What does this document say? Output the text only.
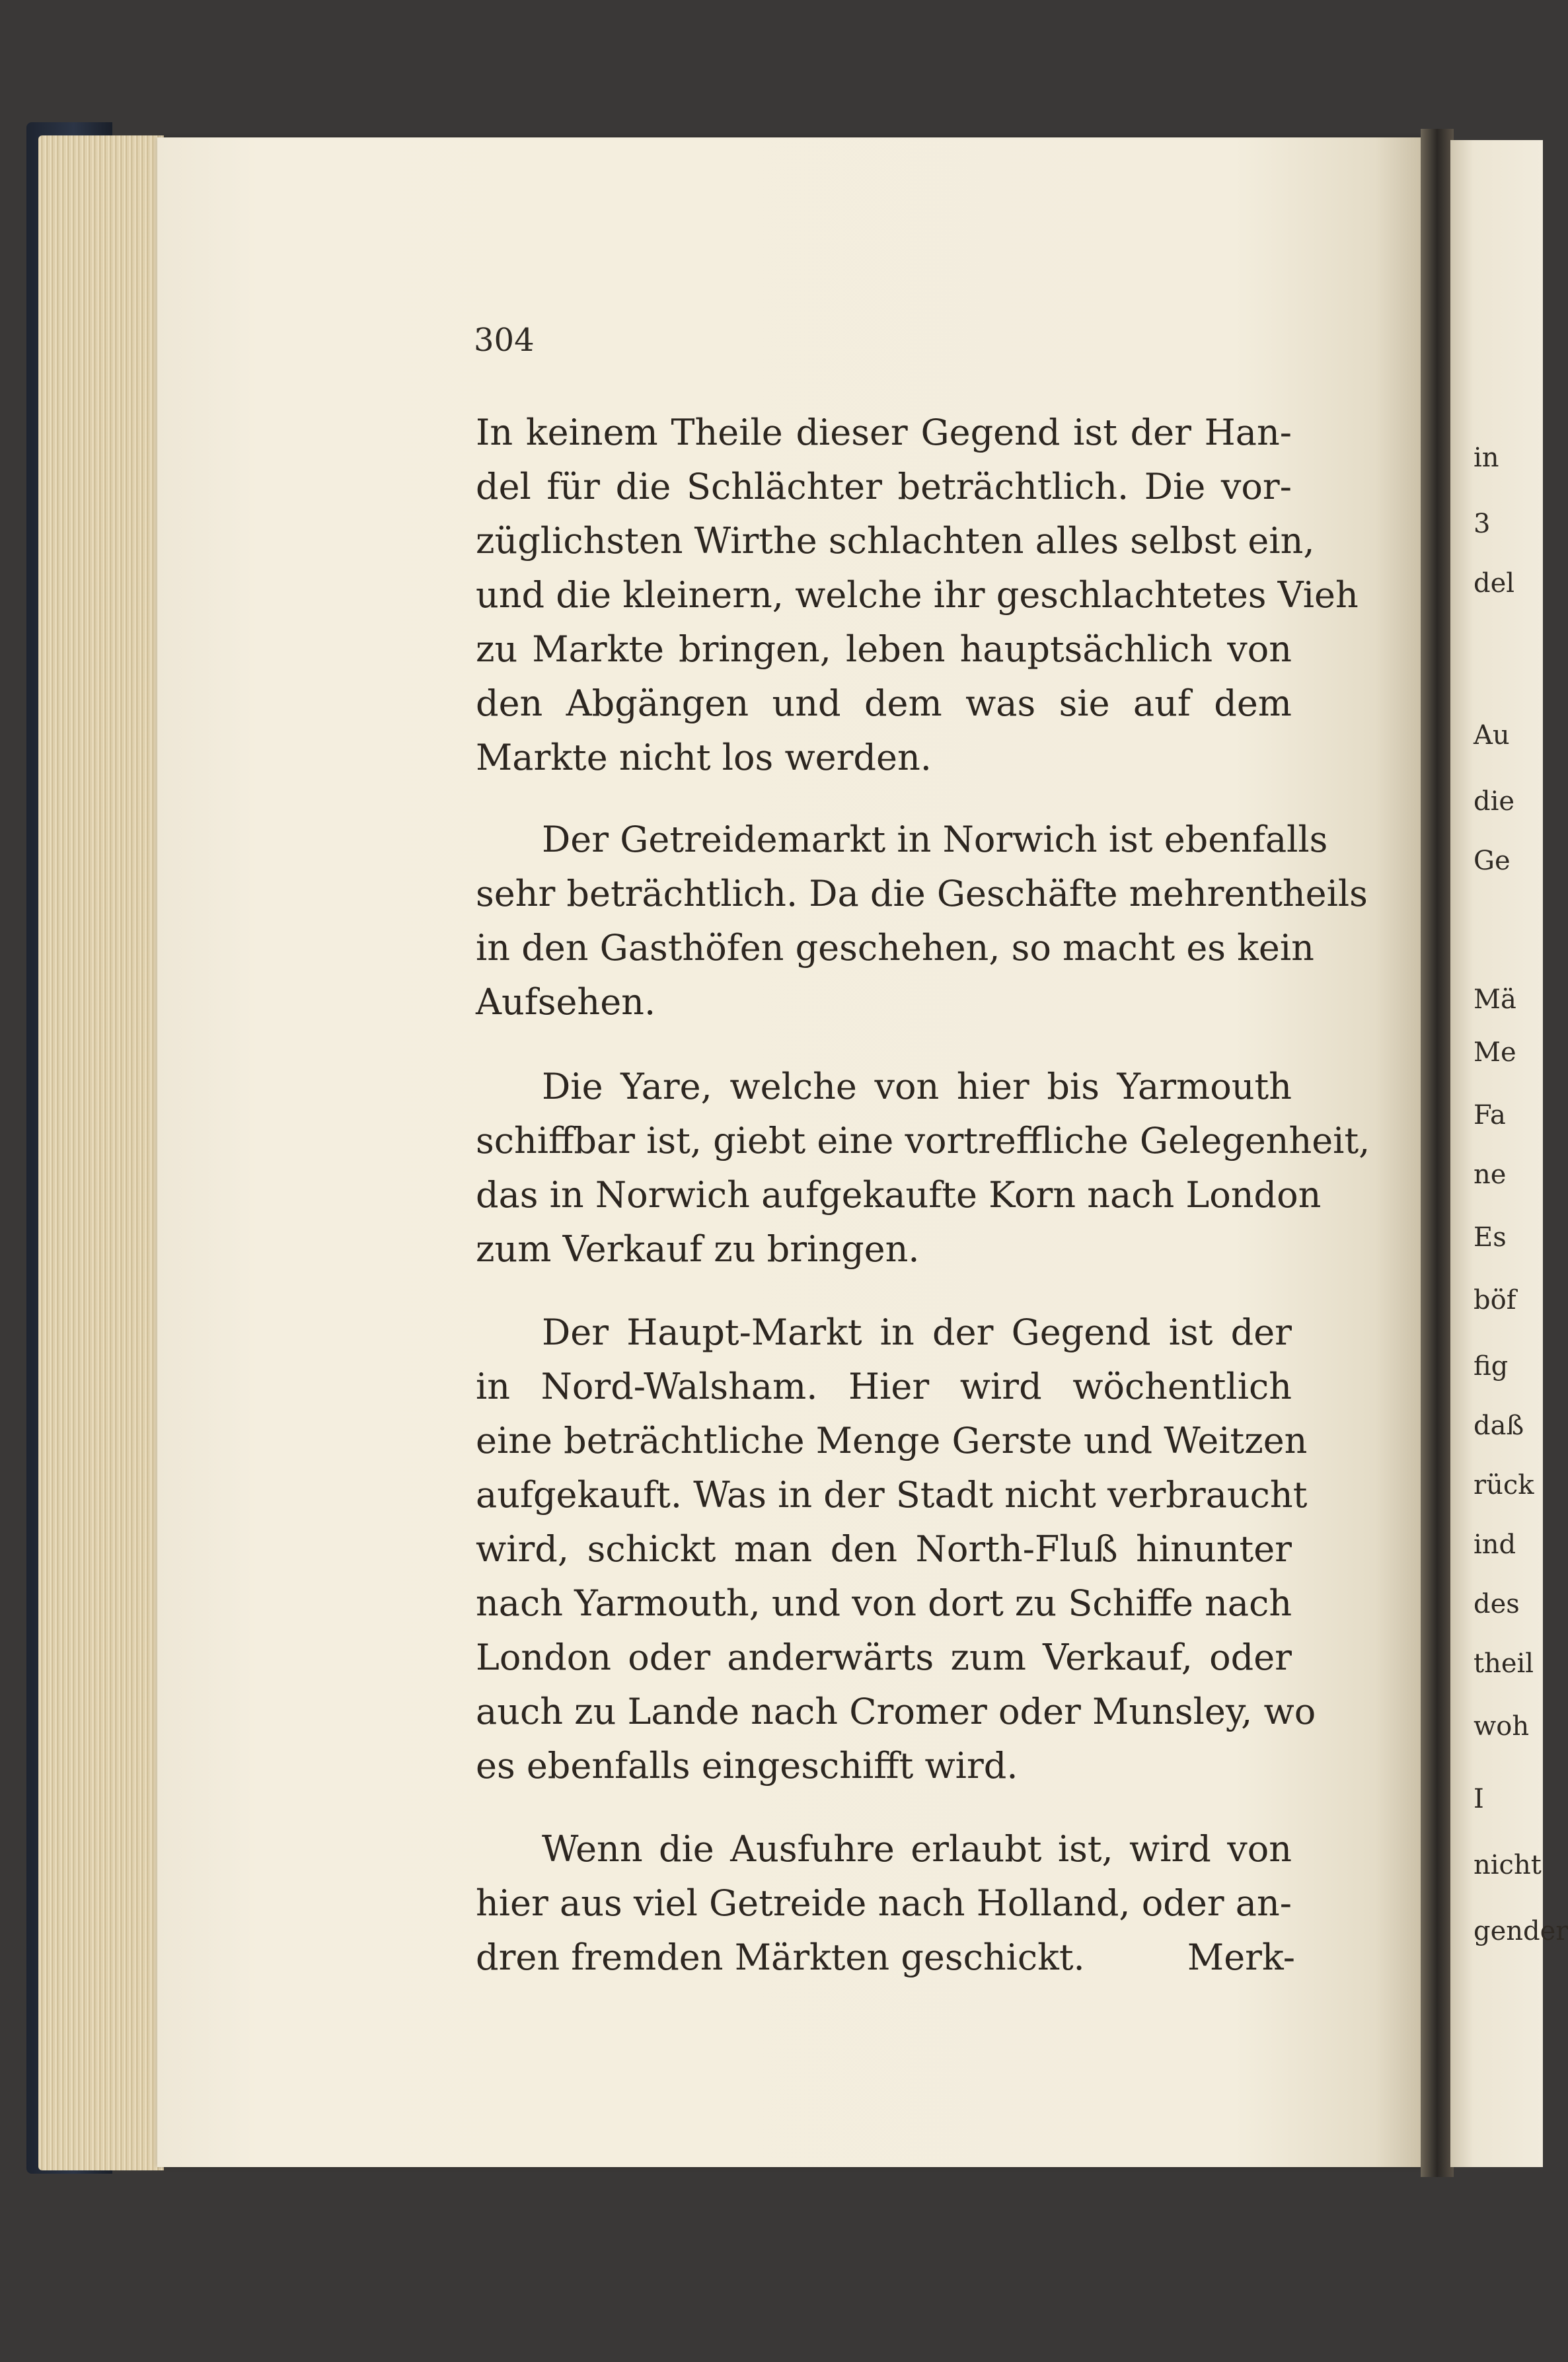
304
In keinem Theile dieser Gegend ist der Han-
del für die Schlächter beträchtlich. Die vor-
züglichsten Wirthe schlachten alles selbst ein,
und die kleinern, welche ihr geschlachtetes Vieh
zu Markte bringen, leben hauptsächlich von
den Abgängen und dem was sie auf dem
Markte nicht los werden.
Der Getreidemarkt in Norwich ist ebenfalls
sehr beträchtlich. Da die Geschäfte mehrentheils
in den Gasthöfen geschehen, so macht es kein
Aufsehen.
Die Yare, welche von hier bis Yarmouth
schiffbar ist, giebt eine vortreffliche Gelegenheit,
das in Norwich aufgekaufte Korn nach London
zum Verkauf zu bringen.
Der Haupt-Markt in der Gegend ist der
in Nord-Walsham. Hier wird wöchentlich
eine beträchtliche Menge Gerste und Weitzen
aufgekauft. Was in der Stadt nicht verbraucht
wird, schickt man den North-Fluß hinunter
nach Yarmouth, und von dort zu Schiffe nach
London oder anderwärts zum Verkauf, oder
auch zu Lande nach Cromer oder Munsley, wo
es ebenfalls eingeschifft wird.
Wenn die Ausfuhre erlaubt ist, wird von
hier aus viel Getreide nach Holland, oder an-
dren fremden Märkten geschickt.	Merk-
in
3
del
Au
die
Ge
Mä
Me
Fa
ne
Es
böf
fig
daß
rück
ind
des
theil
woh
I
nicht
gender
